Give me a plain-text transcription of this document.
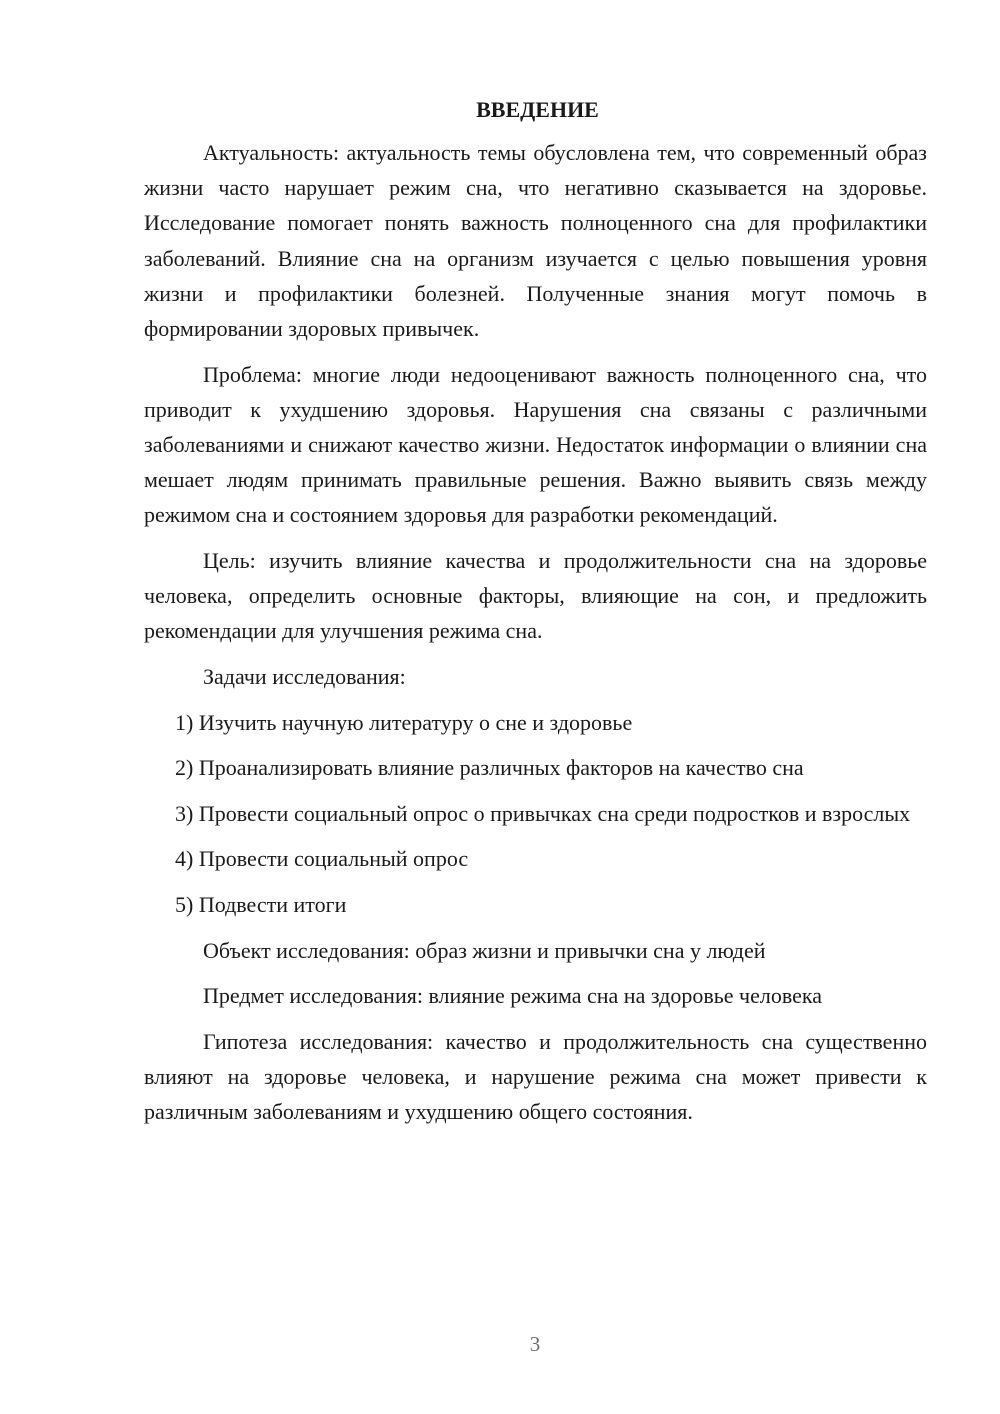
ВВЕДЕНИЕ

Актуальность: актуальность темы обусловлена тем, что современный образ жизни часто нарушает режим сна, что негативно сказывается на здоровье. Исследование помогает понять важность полноценного сна для профилактики заболеваний. Влияние сна на организм изучается с целью повышения уровня жизни и профилактики болезней. Полученные знания могут помочь в формировании здоровых привычек.

Проблема: многие люди недооценивают важность полноценного сна, что приводит к ухудшению здоровья. Нарушения сна связаны с различными заболеваниями и снижают качество жизни. Недостаток информации о влиянии сна мешает людям принимать правильные решения. Важно выявить связь между режимом сна и состоянием здоровья для разработки рекомендаций.

Цель: изучить влияние качества и продолжительности сна на здоровье человека, определить основные факторы, влияющие на сон, и предложить рекомендации для улучшения режима сна.

Задачи исследования:

1) Изучить научную литературу о сне и здоровье

2) Проанализировать влияние различных факторов на качество сна

3) Провести социальный опрос о привычках сна среди подростков и взрослых

4) Провести социальный опрос

5) Подвести итоги

Объект исследования: образ жизни и привычки сна у людей

Предмет исследования: влияние режима сна на здоровье человека

Гипотеза исследования: качество и продолжительность сна существенно влияют на здоровье человека, и нарушение режима сна может привести к различным заболеваниям и ухудшению общего состояния.

3
